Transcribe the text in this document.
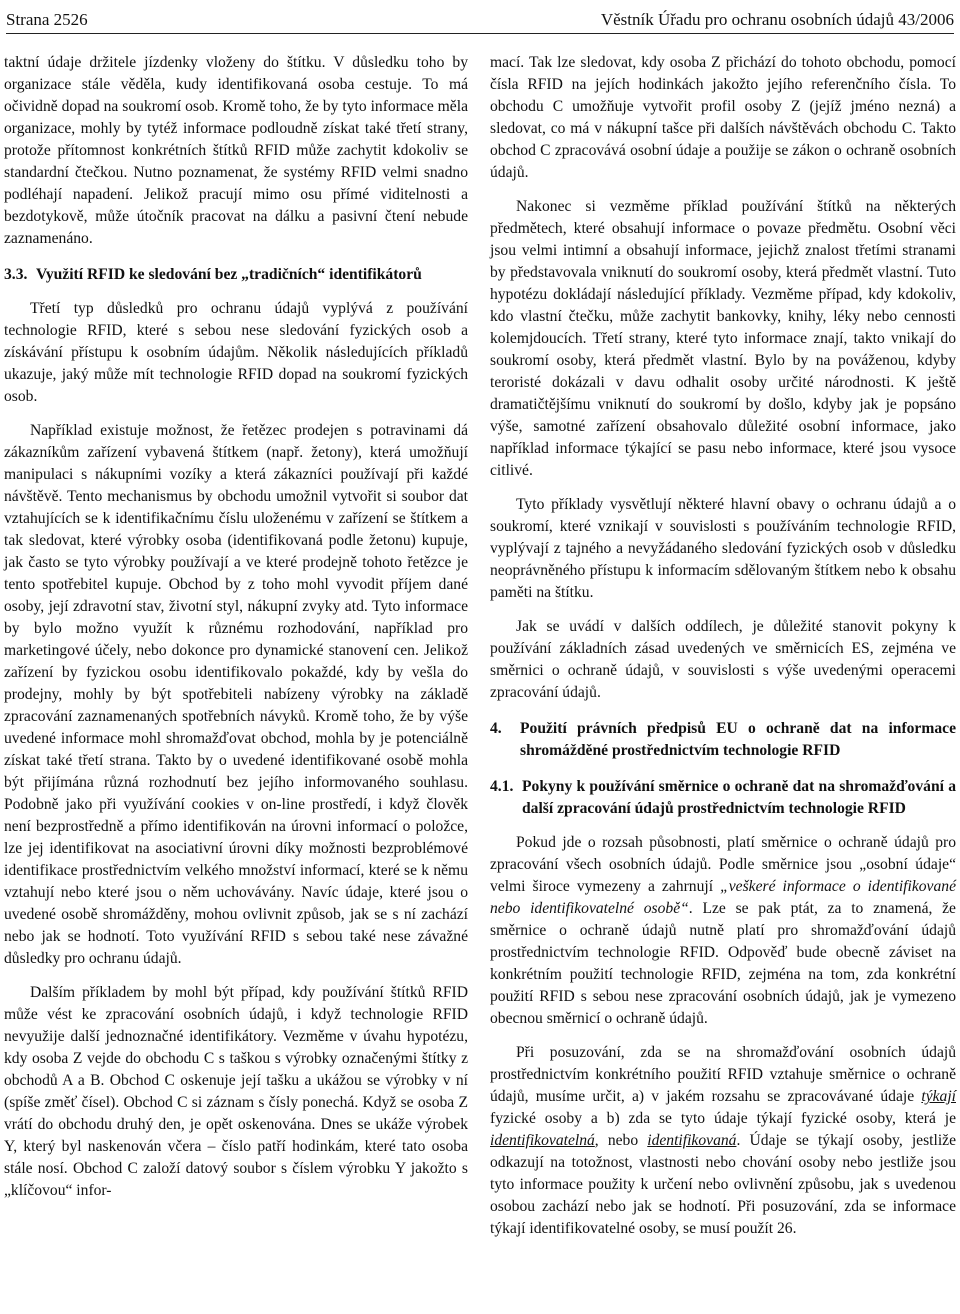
Strana 2526	Věstník Úřadu pro ochranu osobních údajů 43/2006

taktní údaje držitele jízdenky vloženy do štítku. V důsledku toho by organizace stále věděla, kudy identifikovaná osoba cestuje. To má očividně dopad na soukromí osob. Kromě toho, že by tyto informace měla organizace, mohly by tytéž informace podloudně získat také třetí strany, protože přítomnost konkrétních štítků RFID může zachytit kdokoliv se standardní čtečkou. Nutno poznamenat, že systémy RFID velmi snadno podléhají napadení. Jelikož pracují mimo osu přímé viditelnosti a bezdotykově, může útočník pracovat na dálku a pasivní čtení nebude zaznamenáno.

3.3. Využití RFID ke sledování bez „tradičních“ identifikátorů

Třetí typ důsledků pro ochranu údajů vyplývá z používání technologie RFID, které s sebou nese sledování fyzických osob a získávání přístupu k osobním údajům. Několik následujících příkladů ukazuje, jaký může mít technologie RFID dopad na soukromí fyzických osob.

Například existuje možnost, že řetězec prodejen s potravinami dá zákazníkům zařízení vybavená štítkem (např. žetony), která umožňují manipulaci s nákupními vozíky a která zákazníci používají při každé návštěvě. Tento mechanismus by obchodu umožnil vytvořit si soubor dat vztahujících se k identifikačnímu číslu uloženému v zařízení se štítkem a tak sledovat, které výrobky osoba (identifikovaná podle žetonu) kupuje, jak často se tyto výrobky používají a ve které prodejně tohoto řetězce je tento spotřebitel kupuje. Obchod by z toho mohl vyvodit příjem dané osoby, její zdravotní stav, životní styl, nákupní zvyky atd. Tyto informace by bylo možno využít k různému rozhodování, například pro marketingové účely, nebo dokonce pro dynamické stanovení cen. Jelikož zařízení by fyzickou osobu identifikovalo pokaždé, kdy by vešla do prodejny, mohly by být spotřebiteli nabízeny výrobky na základě zpracování zaznamenaných spotřebních návyků. Kromě toho, že by výše uvedené informace mohl shromažďovat obchod, mohla by je potenciálně získat také třetí strana. Takto by o uvedené identifikované osobě mohla být přijímána různá rozhodnutí bez jejího informovaného souhlasu. Podobně jako při využívání cookies v on-line prostředí, i když člověk není bezprostředně a přímo identifikován na úrovni informací o položce, lze jej identifikovat na asociativní úrovni díky možnosti bezproblémové identifikace prostřednictvím velkého množství informací, které se k němu vztahují nebo které jsou o něm uchovávány. Navíc údaje, které jsou o uvedené osobě shromážděny, mohou ovlivnit způsob, jak se s ní zachází nebo jak se hodnotí. Toto využívání RFID s sebou také nese závažné důsledky pro ochranu údajů.

Dalším příkladem by mohl být případ, kdy používání štítků RFID může vést ke zpracování osobních údajů, i když technologie RFID nevyužije další jednoznačné identifikátory. Vezměme v úvahu hypotézu, kdy osoba Z vejde do obchodu C s taškou s výrobky označenými štítky z obchodů A a B. Obchod C oskenuje její tašku a ukážou se výrobky v ní (spíše změť čísel). Obchod C si záznam s čísly ponechá. Když se osoba Z vrátí do obchodu druhý den, je opět oskenována. Dnes se ukáže výrobek Y, který byl naskenován včera – číslo patří hodinkám, které tato osoba stále nosí. Obchod C založí datový soubor s číslem výrobku Y jakožto s „klíčovou“ infor-

mací. Tak lze sledovat, kdy osoba Z přichází do tohoto obchodu, pomocí čísla RFID na jejích hodinkách jakožto jejího referenčního čísla. To obchodu C umožňuje vytvořit profil osoby Z (jejíž jméno nezná) a sledovat, co má v nákupní tašce při dalších návštěvách obchodu C. Takto obchod C zpracovává osobní údaje a použije se zákon o ochraně osobních údajů.

Nakonec si vezměme příklad používání štítků na některých předmětech, které obsahují informace o povaze předmětu. Osobní věci jsou velmi intimní a obsahují informace, jejichž znalost třetími stranami by představovala vniknutí do soukromí osoby, která předmět vlastní. Tuto hypotézu dokládají následující příklady. Vezměme případ, kdy kdokoliv, kdo vlastní čtečku, může zachytit bankovky, knihy, léky nebo cennosti kolemjdoucích. Třetí strany, které tyto informace znají, takto vnikají do soukromí osoby, která předmět vlastní. Bylo by na pováženou, kdyby teroristé dokázali v davu odhalit osoby určité národnosti. K ještě dramatičtějšímu vniknutí do soukromí by došlo, kdyby jak je popsáno výše, samotné zařízení obsahovalo důležité osobní informace, jako například informace týkající se pasu nebo informace, které jsou vysoce citlivé.

Tyto příklady vysvětlují některé hlavní obavy o ochranu údajů a o soukromí, které vznikají v souvislosti s používáním technologie RFID, vyplývají z tajného a nevyžádaného sledování fyzických osob v důsledku neoprávněného přístupu k informacím sdělovaným štítkem nebo k obsahu paměti na štítku.

Jak se uvádí v dalších oddílech, je důležité stanovit pokyny k používání základních zásad uvedených ve směrnicích ES, zejména ve směrnici o ochraně údajů, v souvislosti s výše uvedenými operacemi zpracování údajů.

4.	Použití právních předpisů EU o ochraně dat na informace shromážděné prostřednictvím technologie RFID
4.1. Pokyny k používání směrnice o ochraně dat na shromažďování a další zpracování údajů prostřednictvím technologie RFID

Pokud jde o rozsah působnosti, platí směrnice o ochraně údajů pro zpracování všech osobních údajů. Podle směrnice jsou „osobní údaje“ velmi široce vymezeny a zahrnují „veškeré informace o identifikované nebo identifikovatelné osobě“. Lze se pak ptát, za to znamená, že směrnice o ochraně údajů nutně platí pro shromažďování údajů prostřednictvím technologie RFID. Odpověď bude obecně záviset na konkrétním použití technologie RFID, zejména na tom, zda konkrétní použití RFID s sebou nese zpracování osobních údajů, jak je vymezeno obecnou směrnicí o ochraně údajů.

Při posuzování, zda se na shromažďování osobních údajů prostřednictvím konkrétního použití RFID vztahuje směrnice o ochraně údajů, musíme určit, a) v jakém rozsahu se zpracovávané údaje týkají fyzické osoby a b) zda se tyto údaje týkají fyzické osoby, která je identifikovatelná, nebo identifikovaná. Údaje se týkají osoby, jestliže odkazují na totožnost, vlastnosti nebo chování osoby nebo jestliže jsou tyto informace použity k určení nebo ovlivnění způsobu, jak s uvedenou osobou zachází nebo jak se hodnotí. Při posuzování, zda se informace týkají identifikovatelné osoby, se musí použít 26.
